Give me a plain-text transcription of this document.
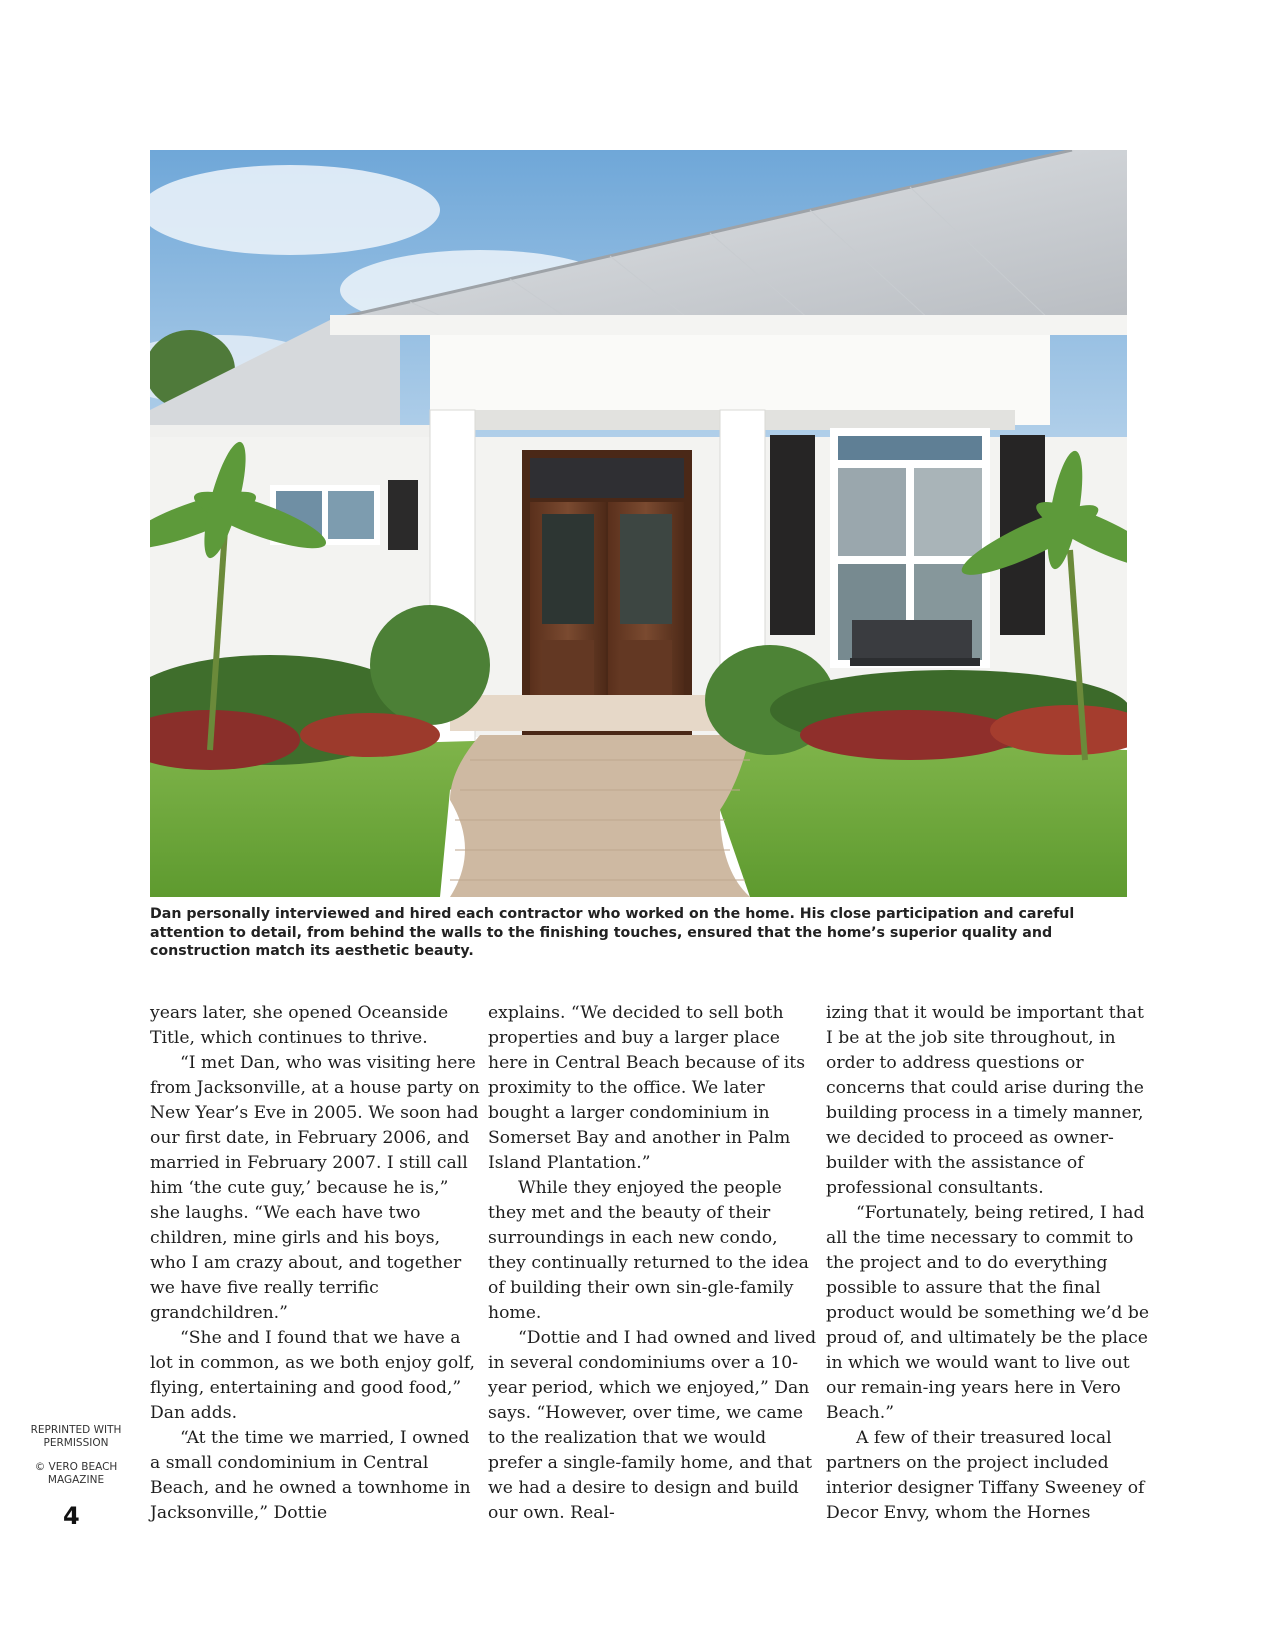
Dan personally interviewed and hired each contractor who worked on the home. His close participation and careful attention to detail, from behind the walls to the finishing touches, ensured that the home’s superior quality and construction match its aesthetic beauty.

years later, she opened Oceanside Title, which continues to thrive.

“I met Dan, who was visiting here from Jacksonville, at a house party on New Year’s Eve in 2005. We soon had our first date, in February 2006, and married in February 2007. I still call him ‘the cute guy,’ because he is,” she laughs. “We each have two children, mine girls and his boys, who I am crazy about, and together we have five really terrific grandchildren.”

“She and I found that we have a lot in common, as we both enjoy golf, flying, entertaining and good food,” Dan adds.

“At the time we married, I owned a small condominium in Central Beach, and he owned a townhome in Jacksonville,” Dottie

explains. “We decided to sell both properties and buy a larger place here in Central Beach because of its proximity to the office. We later bought a larger condominium in Somerset Bay and another in Palm Island Plantation.”

While they enjoyed the people they met and the beauty of their surroundings in each new condo, they continually returned to the idea of building their own sin-gle-family home.

“Dottie and I had owned and lived in several condominiums over a 10-year period, which we enjoyed,” Dan says. “However, over time, we came to the realization that we would prefer a single-family home, and that we had a desire to design and build our own. Real-

izing that it would be important that I be at the job site throughout, in order to address questions or concerns that could arise during the building process in a timely manner, we decided to proceed as owner-builder with the assistance of professional consultants.

“Fortunately, being retired, I had all the time necessary to commit to the project and to do everything possible to assure that the final product would be something we’d be proud of, and ultimately be the place in which we would want to live out our remain-ing years here in Vero Beach.”

A few of their treasured local partners on the project included interior designer Tiffany Sweeney of Decor Envy, whom the Hornes

REPRINTED WITH PERMISSION
© VERO BEACH MAGAZINE
4
